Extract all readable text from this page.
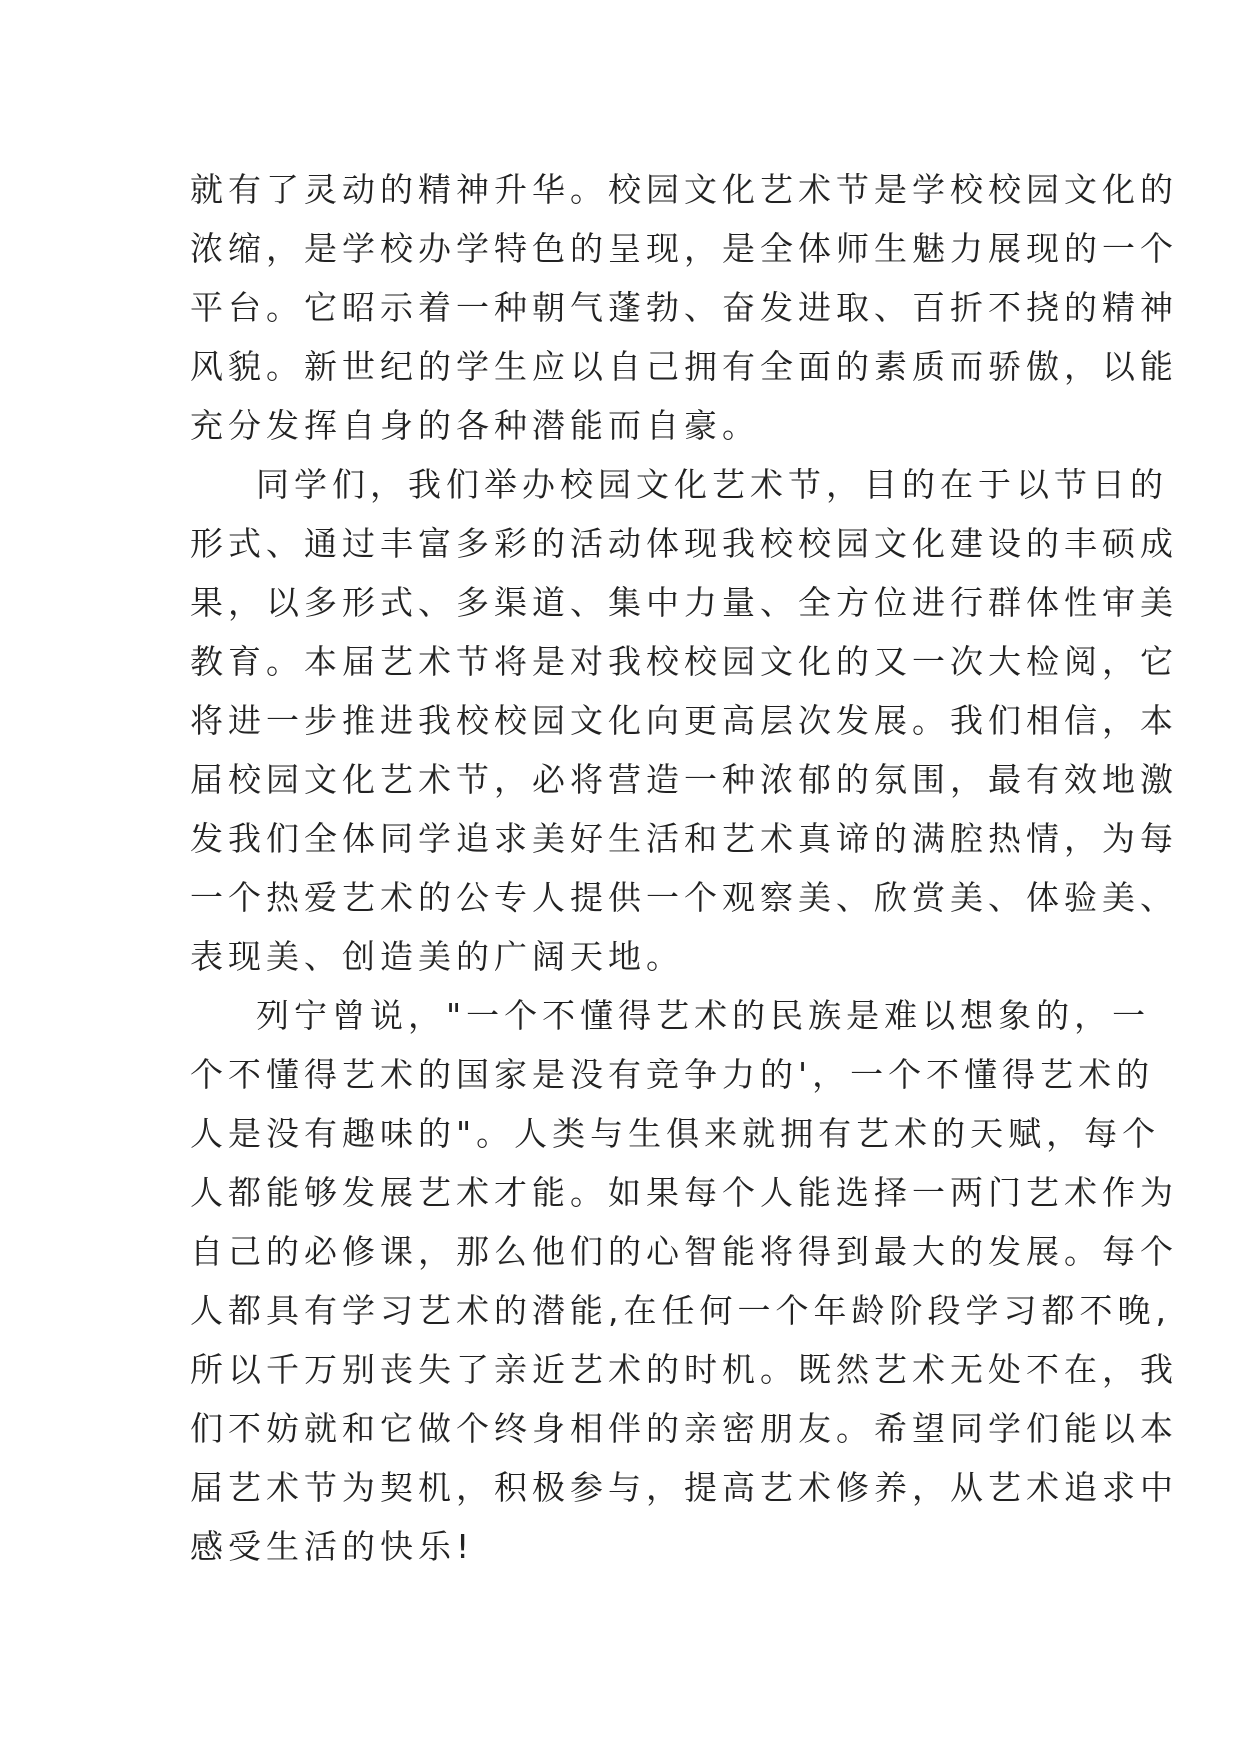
就有了灵动的精神升华。校园文化艺术节是学校校园文化的
浓缩，是学校办学特色的呈现，是全体师生魅力展现的一个
平台。它昭示着一种朝气蓬勃、奋发进取、百折不挠的精神
风貌。新世纪的学生应以自己拥有全面的素质而骄傲，以能
充分发挥自身的各种潜能而自豪。
同学们，我们举办校园文化艺术节，目的在于以节日的
形式、通过丰富多彩的活动体现我校校园文化建设的丰硕成
果，以多形式、多渠道、集中力量、全方位进行群体性审美
教育。本届艺术节将是对我校校园文化的又一次大检阅，它
将进一步推进我校校园文化向更高层次发展。我们相信，本
届校园文化艺术节，必将营造一种浓郁的氛围，最有效地激
发我们全体同学追求美好生活和艺术真谛的满腔热情，为每
一个热爱艺术的公专人提供一个观察美、欣赏美、体验美、
表现美、创造美的广阔天地。
列宁曾说，"一个不懂得艺术的民族是难以想象的，一
个不懂得艺术的国家是没有竞争力的'，一个不懂得艺术的
人是没有趣味的"。人类与生俱来就拥有艺术的天赋，每个
人都能够发展艺术才能。如果每个人能选择一两门艺术作为
自己的必修课，那么他们的心智能将得到最大的发展。每个
人都具有学习艺术的潜能,在任何一个年龄阶段学习都不晚,
所以千万别丧失了亲近艺术的时机。既然艺术无处不在，我
们不妨就和它做个终身相伴的亲密朋友。希望同学们能以本
届艺术节为契机，积极参与，提高艺术修养，从艺术追求中
感受生活的快乐!
